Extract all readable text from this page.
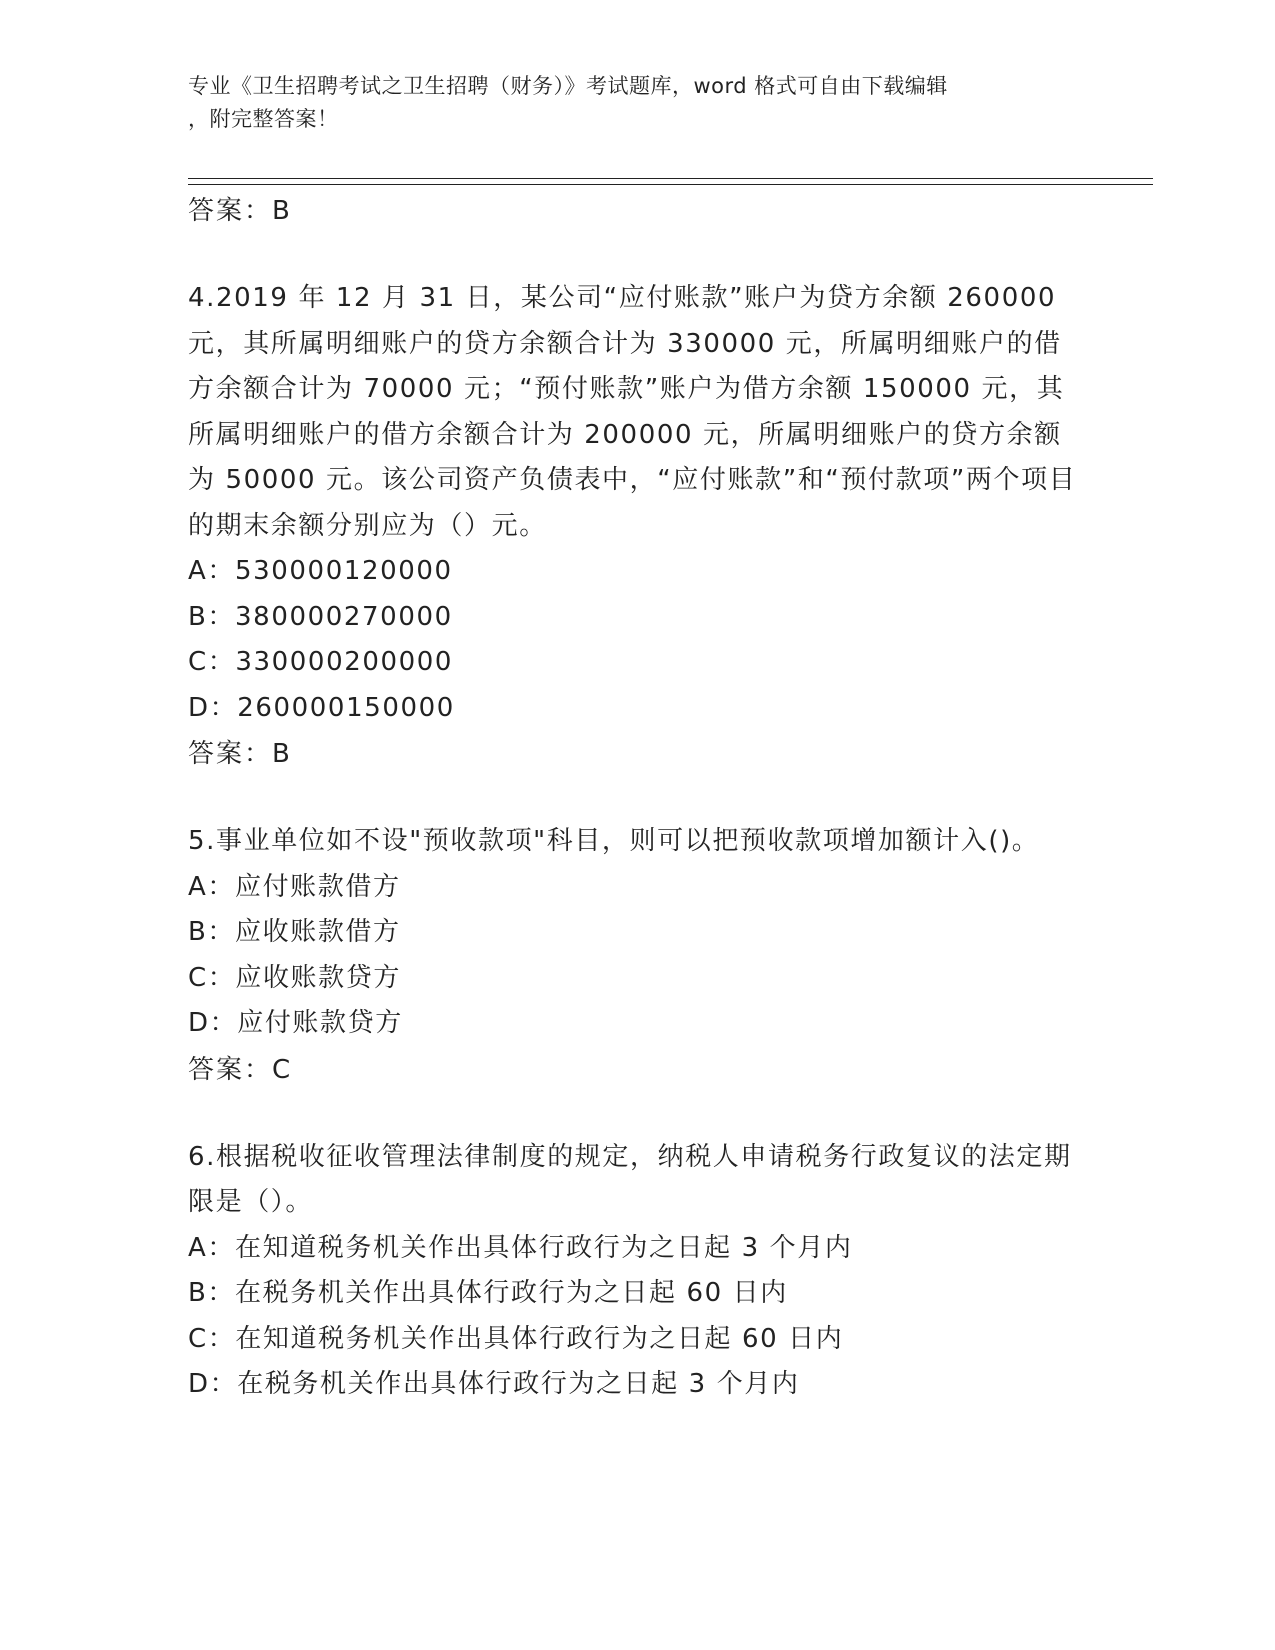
专业《卫生招聘考试之卫生招聘（财务）》考试题库，word 格式可自由下载编辑
，附完整答案！
答案：B
4.2019 年 12 月 31 日，某公司“应付账款”账户为贷方余额 260000 元，其所属明细账户的贷方余额合计为 330000 元，所属明细账户的借方余额合计为 70000 元；“预付账款”账户为借方余额 150000 元，其所属明细账户的借方余额合计为 200000 元，所属明细账户的贷方余额为 50000 元。该公司资产负债表中，“应付账款”和“预付款项”两个项目的期末余额分别应为（）元。
A：530000120000
B：380000270000
C：330000200000
D：260000150000
答案：B
5.事业单位如不设"预收款项"科目，则可以把预收款项增加额计入()。
A：应付账款借方
B：应收账款借方
C：应收账款贷方
D：应付账款贷方
答案：C
6.根据税收征收管理法律制度的规定，纳税人申请税务行政复议的法定期限是（）。
A：在知道税务机关作出具体行政行为之日起 3 个月内
B：在税务机关作出具体行政行为之日起 60 日内
C：在知道税务机关作出具体行政行为之日起 60 日内
D：在税务机关作出具体行政行为之日起 3 个月内
